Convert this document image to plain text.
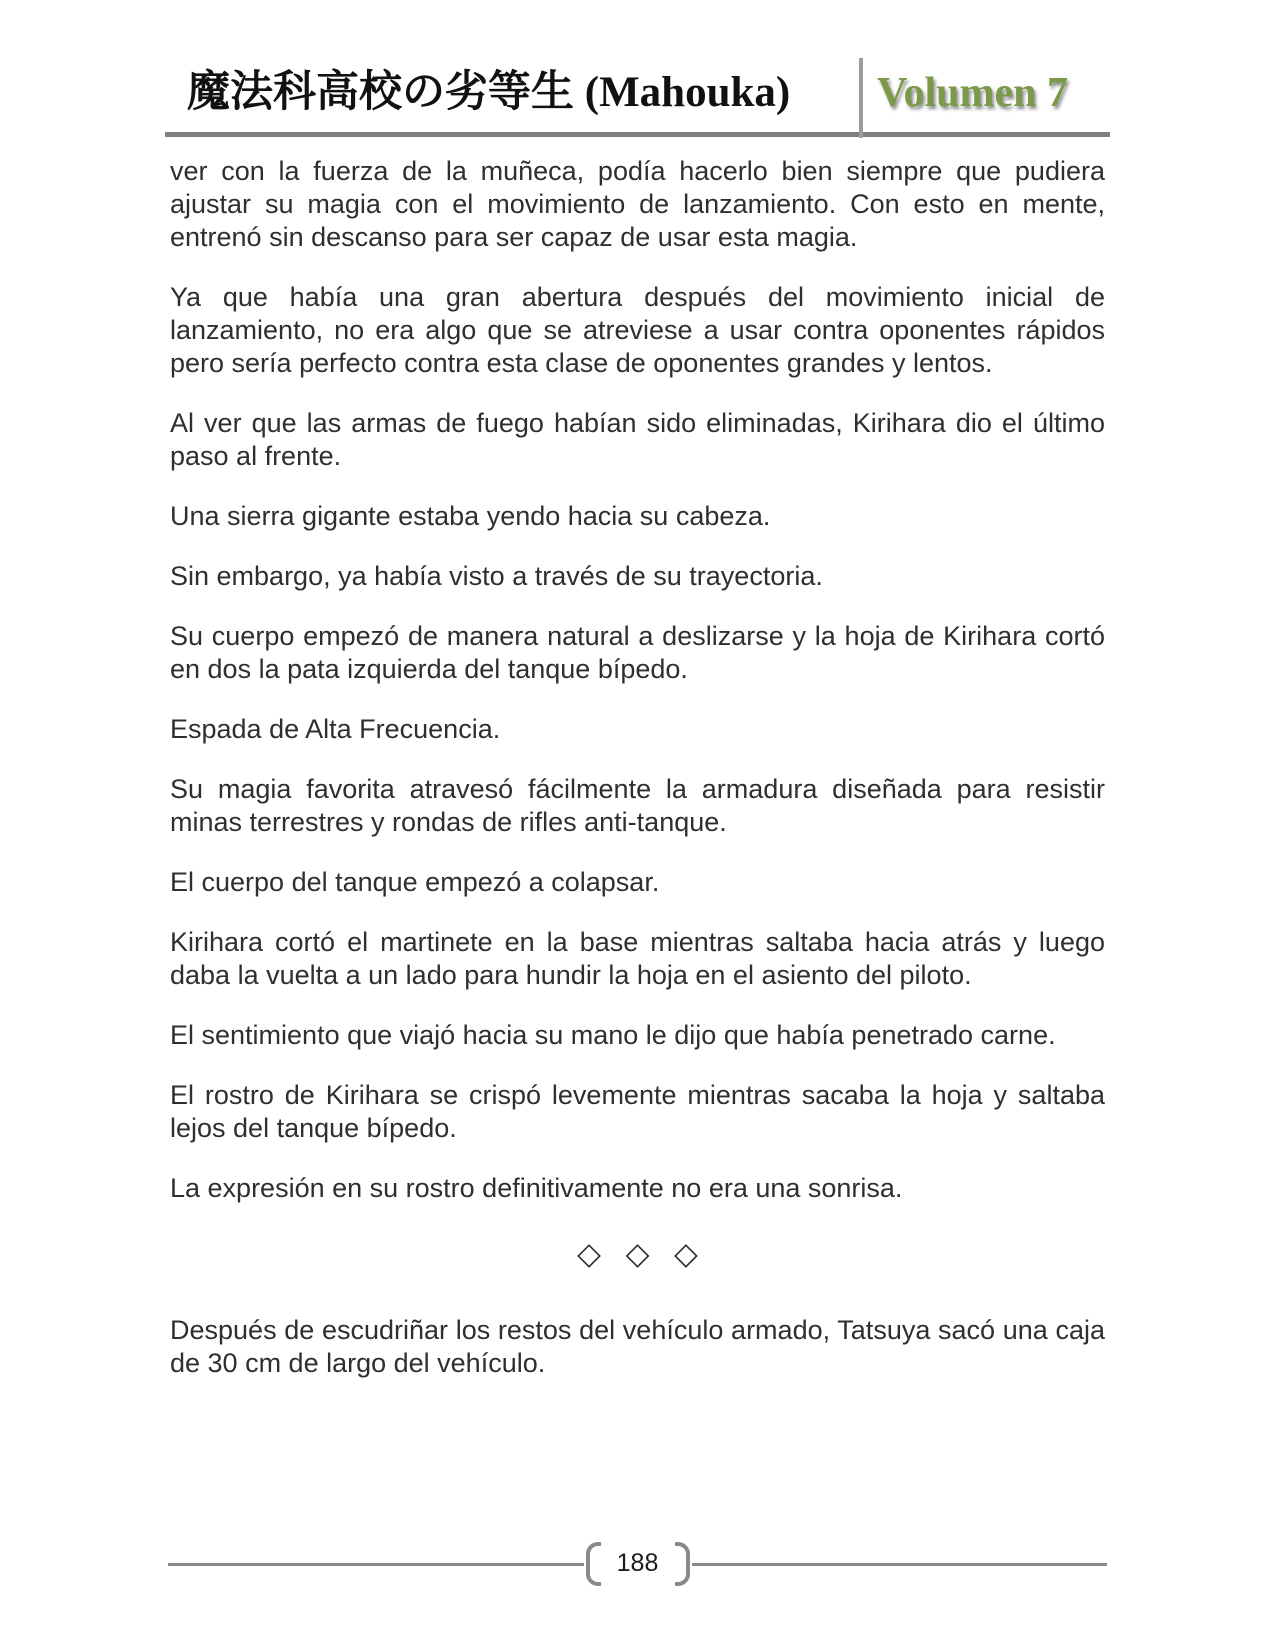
魔法科高校の劣等生 (Mahouka)	Volumen 7

ver con la fuerza de la muñeca, podía hacerlo bien siempre que pudiera ajustar su magia con el movimiento de lanzamiento. Con esto en mente, entrenó sin descanso para ser capaz de usar esta magia.

Ya que había una gran abertura después del movimiento inicial de lanzamiento, no era algo que se atreviese a usar contra oponentes rápidos pero sería perfecto contra esta clase de oponentes grandes y lentos.

Al ver que las armas de fuego habían sido eliminadas, Kirihara dio el último paso al frente.

Una sierra gigante estaba yendo hacia su cabeza.

Sin embargo, ya había visto a través de su trayectoria.

Su cuerpo empezó de manera natural a deslizarse y la hoja de Kirihara cortó en dos la pata izquierda del tanque bípedo.

Espada de Alta Frecuencia.

Su magia favorita atravesó fácilmente la armadura diseñada para resistir minas terrestres y rondas de rifles anti-tanque.

El cuerpo del tanque empezó a colapsar.

Kirihara cortó el martinete en la base mientras saltaba hacia atrás y luego daba la vuelta a un lado para hundir la hoja en el asiento del piloto.

El sentimiento que viajó hacia su mano le dijo que había penetrado carne.

El rostro de Kirihara se crispó levemente mientras sacaba la hoja y saltaba lejos del tanque bípedo.

La expresión en su rostro definitivamente no era una sonrisa.

◇ ◇ ◇

Después de escudriñar los restos del vehículo armado, Tatsuya sacó una caja de 30 cm de largo del vehículo.

188
